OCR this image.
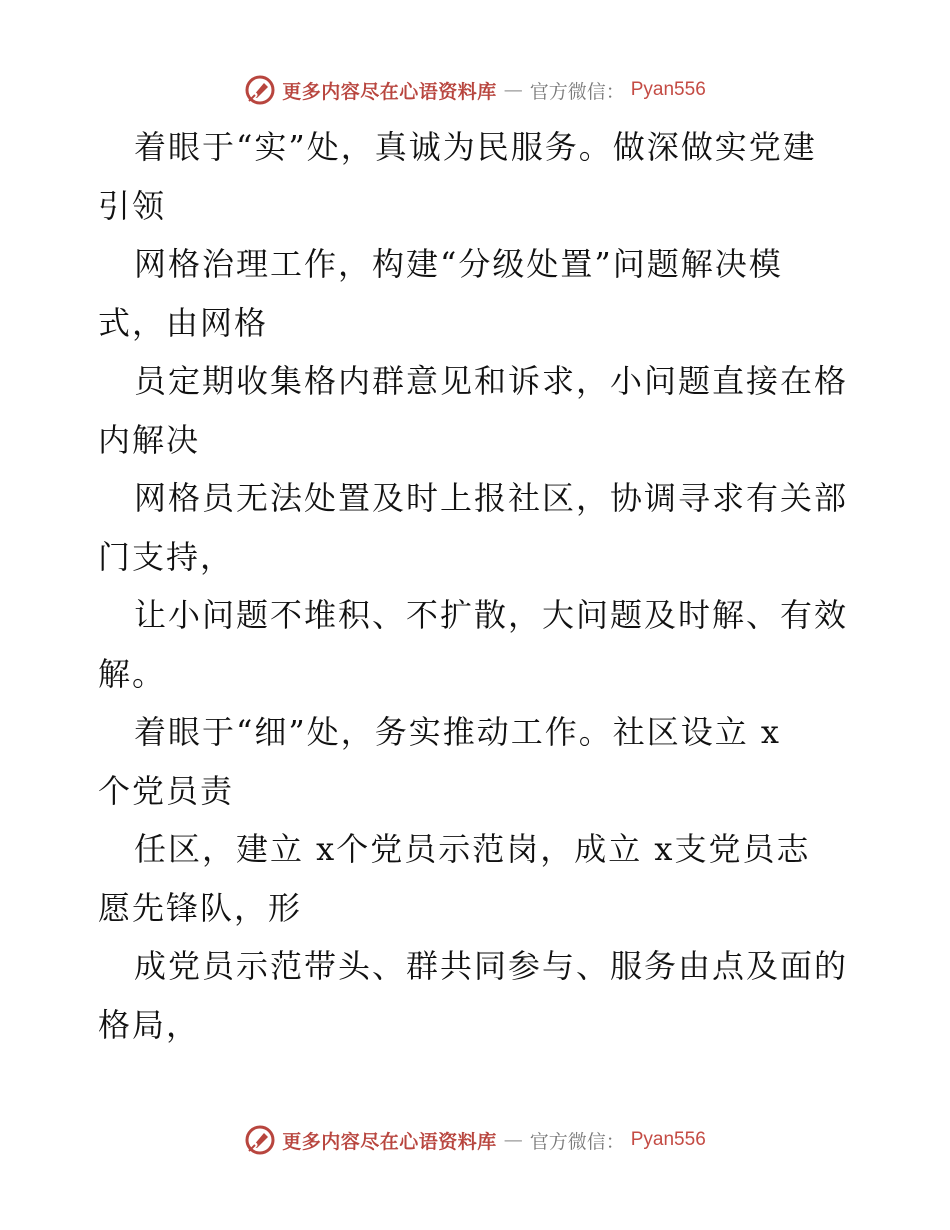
更多内容尽在心语资料库 — 官方微信： Pyan556
着眼于“实”处，真诚为民服务。做深做实党建
引领
网格治理工作，构建“分级处置”问题解决模
式，由网格
员定期收集格内群意见和诉求，小问题直接在格
内解决
网格员无法处置及时上报社区，协调寻求有关部
门支持，
让小问题不堆积、不扩散，大问题及时解、有效
解。
着眼于“细”处，务实推动工作。社区设立 x
个党员责
任区，建立 x个党员示范岗，成立 x支党员志
愿先锋队，形
成党员示范带头、群共同参与、服务由点及面的
格局，
更多内容尽在心语资料库 — 官方微信： Pyan556
